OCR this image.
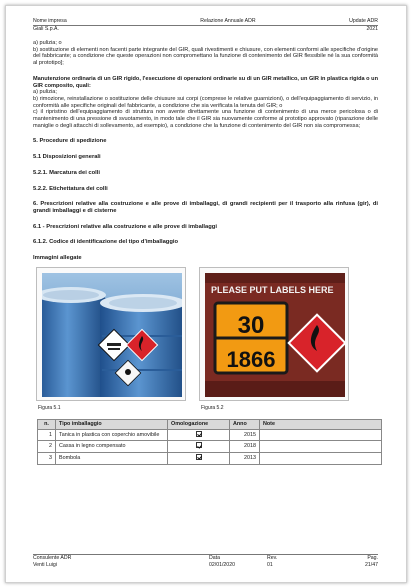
Nome impresa	Relazione Annuale ADR	Update ADR
Giali S.p.A.	2021

a) pulizia; o

b) sostituzione di elementi non facenti parte integrante del GIR, quali rivestimenti e chiusure, con elementi conformi alle specifiche d'origine del fabbricante; a condizione che queste operazioni non compromettano la funzione di contenimento del GIR flessibile né la sua conformità al prototipo];

Manutenzione ordinaria di un GIR rigido, l'esecuzione di operazioni ordinarie su di un GIR metallico, un GIR in plastica rigida o un GIR composito, quali:

a) pulizia;

b) rimozione, reinstallazione o sostituzione delle chiusure sui corpi (comprese le relative guarnizioni), o dell'equipaggiamento di servizio, in conformità alle specifiche originali del fabbricante, a condizione che sia verificata la tenuta del GIR; o

c) il ripristino dell'equipaggiamento di struttura non avente direttamente una funzione di contenimento di una merce pericolosa o di mantenimento di una pressione di svuotamento, in modo tale che il GIR sia nuovamente conforme al prototipo approvato (riparazione delle maniglie o degli attacchi di sollevamento, ad esempio), a condizione che la funzione di contenimento del GIR non sia compromessa;

5. Procedure di spedizione

5.1 Disposizioni generali

5.2.1. Marcatura dei colli

5.2.2. Etichettatura dei colli

6. Prescrizioni relative alla costruzione e alle prove di imballaggi, di grandi recipienti per il trasporto alla rinfusa (gir), di grandi imballaggi e di cisterne

6.1 - Prescrizioni relative alla costruzione e alle prove di imballaggi

6.1.2. Codice di identificazione del tipo d'imballaggio

Immagini allegate

PLEASE PUT LABELS HERE
30
1866
Figura 5.1	Figura 5.2
n.	Tipo imballaggio	Omologazione	Anno	Note
1	Tanica in plastica con coperchio amovibile		2015	
2	Cassa in legno compensato		2018	
3	Bombola		2013	
Consulente ADR	Data	Rev.	Pag.
Venti Luigi	02/01/2020	01	21/47
